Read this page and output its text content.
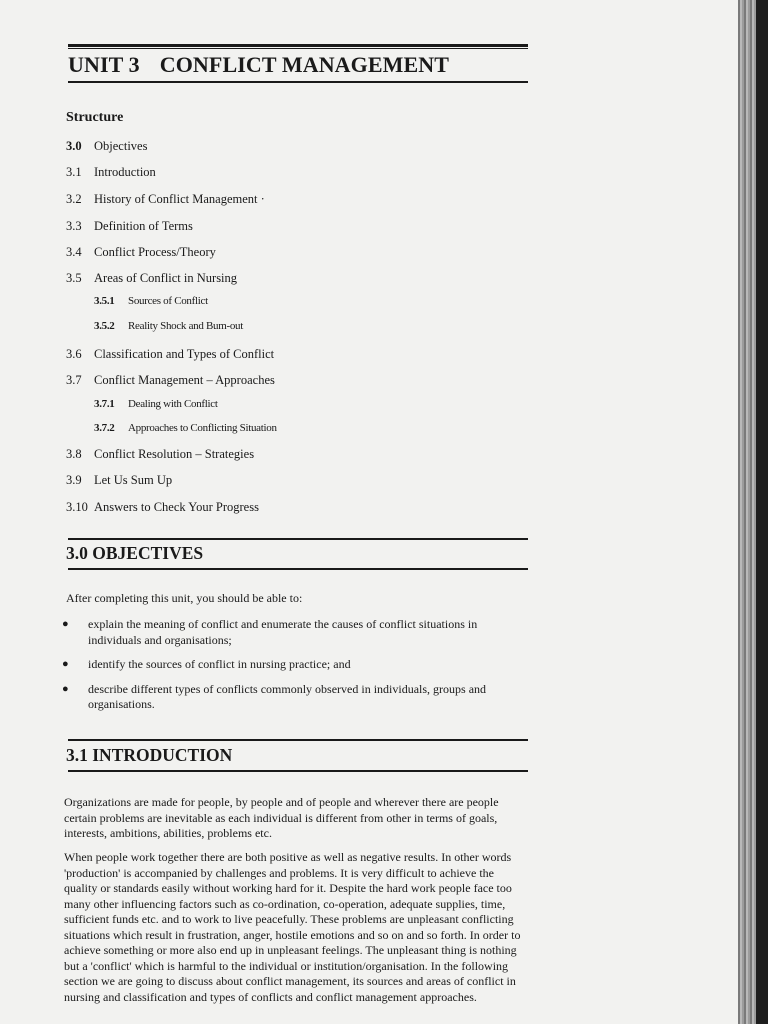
UNIT 3 CONFLICT MANAGEMENT
Structure
3.0 Objectives
3.1 Introduction
3.2 History of Conflict Management ·
3.3 Definition of Terms
3.4 Conflict Process/Theory
3.5 Areas of Conflict in Nursing
3.5.1 Sources of Conflict
3.5.2 Reality Shock and Bum-out
3.6 Classification and Types of Conflict
3.7 Conflict Management – Approaches
3.7.1 Dealing with Conflict
3.7.2 Approaches to Conflicting Situation
3.8 Conflict Resolution – Strategies
3.9 Let Us Sum Up
3.10 Answers to Check Your Progress
3.0 OBJECTIVES

After completing this unit, you should be able to:

● explain the meaning of conflict and enumerate the causes of conflict situations in individuals and organisations;
● identify the sources of conflict in nursing practice; and
● describe different types of conflicts commonly observed in individuals, groups and organisations.
3.1 INTRODUCTION

Organizations are made for people, by people and of people and wherever there are people certain problems are inevitable as each individual is different from other in terms of goals, interests, ambitions, abilities, problems etc.

When people work together there are both positive as well as negative results. In other words 'production' is accompanied by challenges and problems. It is very difficult to achieve the quality or standards easily without working hard for it. Despite the hard work people face too many other influencing factors such as co-ordination, co-operation, adequate supplies, time, sufficient funds etc. and to work to live peacefully. These problems are unpleasant conflicting situations which result in frustration, anger, hostile emotions and so on and so forth. In order to achieve something or more also end up in unpleasant feelings. The unpleasant thing is nothing but a 'conflict' which is harmful to the individual or institution/organisation. In the following section we are going to discuss about conflict management, its sources and areas of conflict in nursing and classification and types of conflicts and conflict management approaches.
